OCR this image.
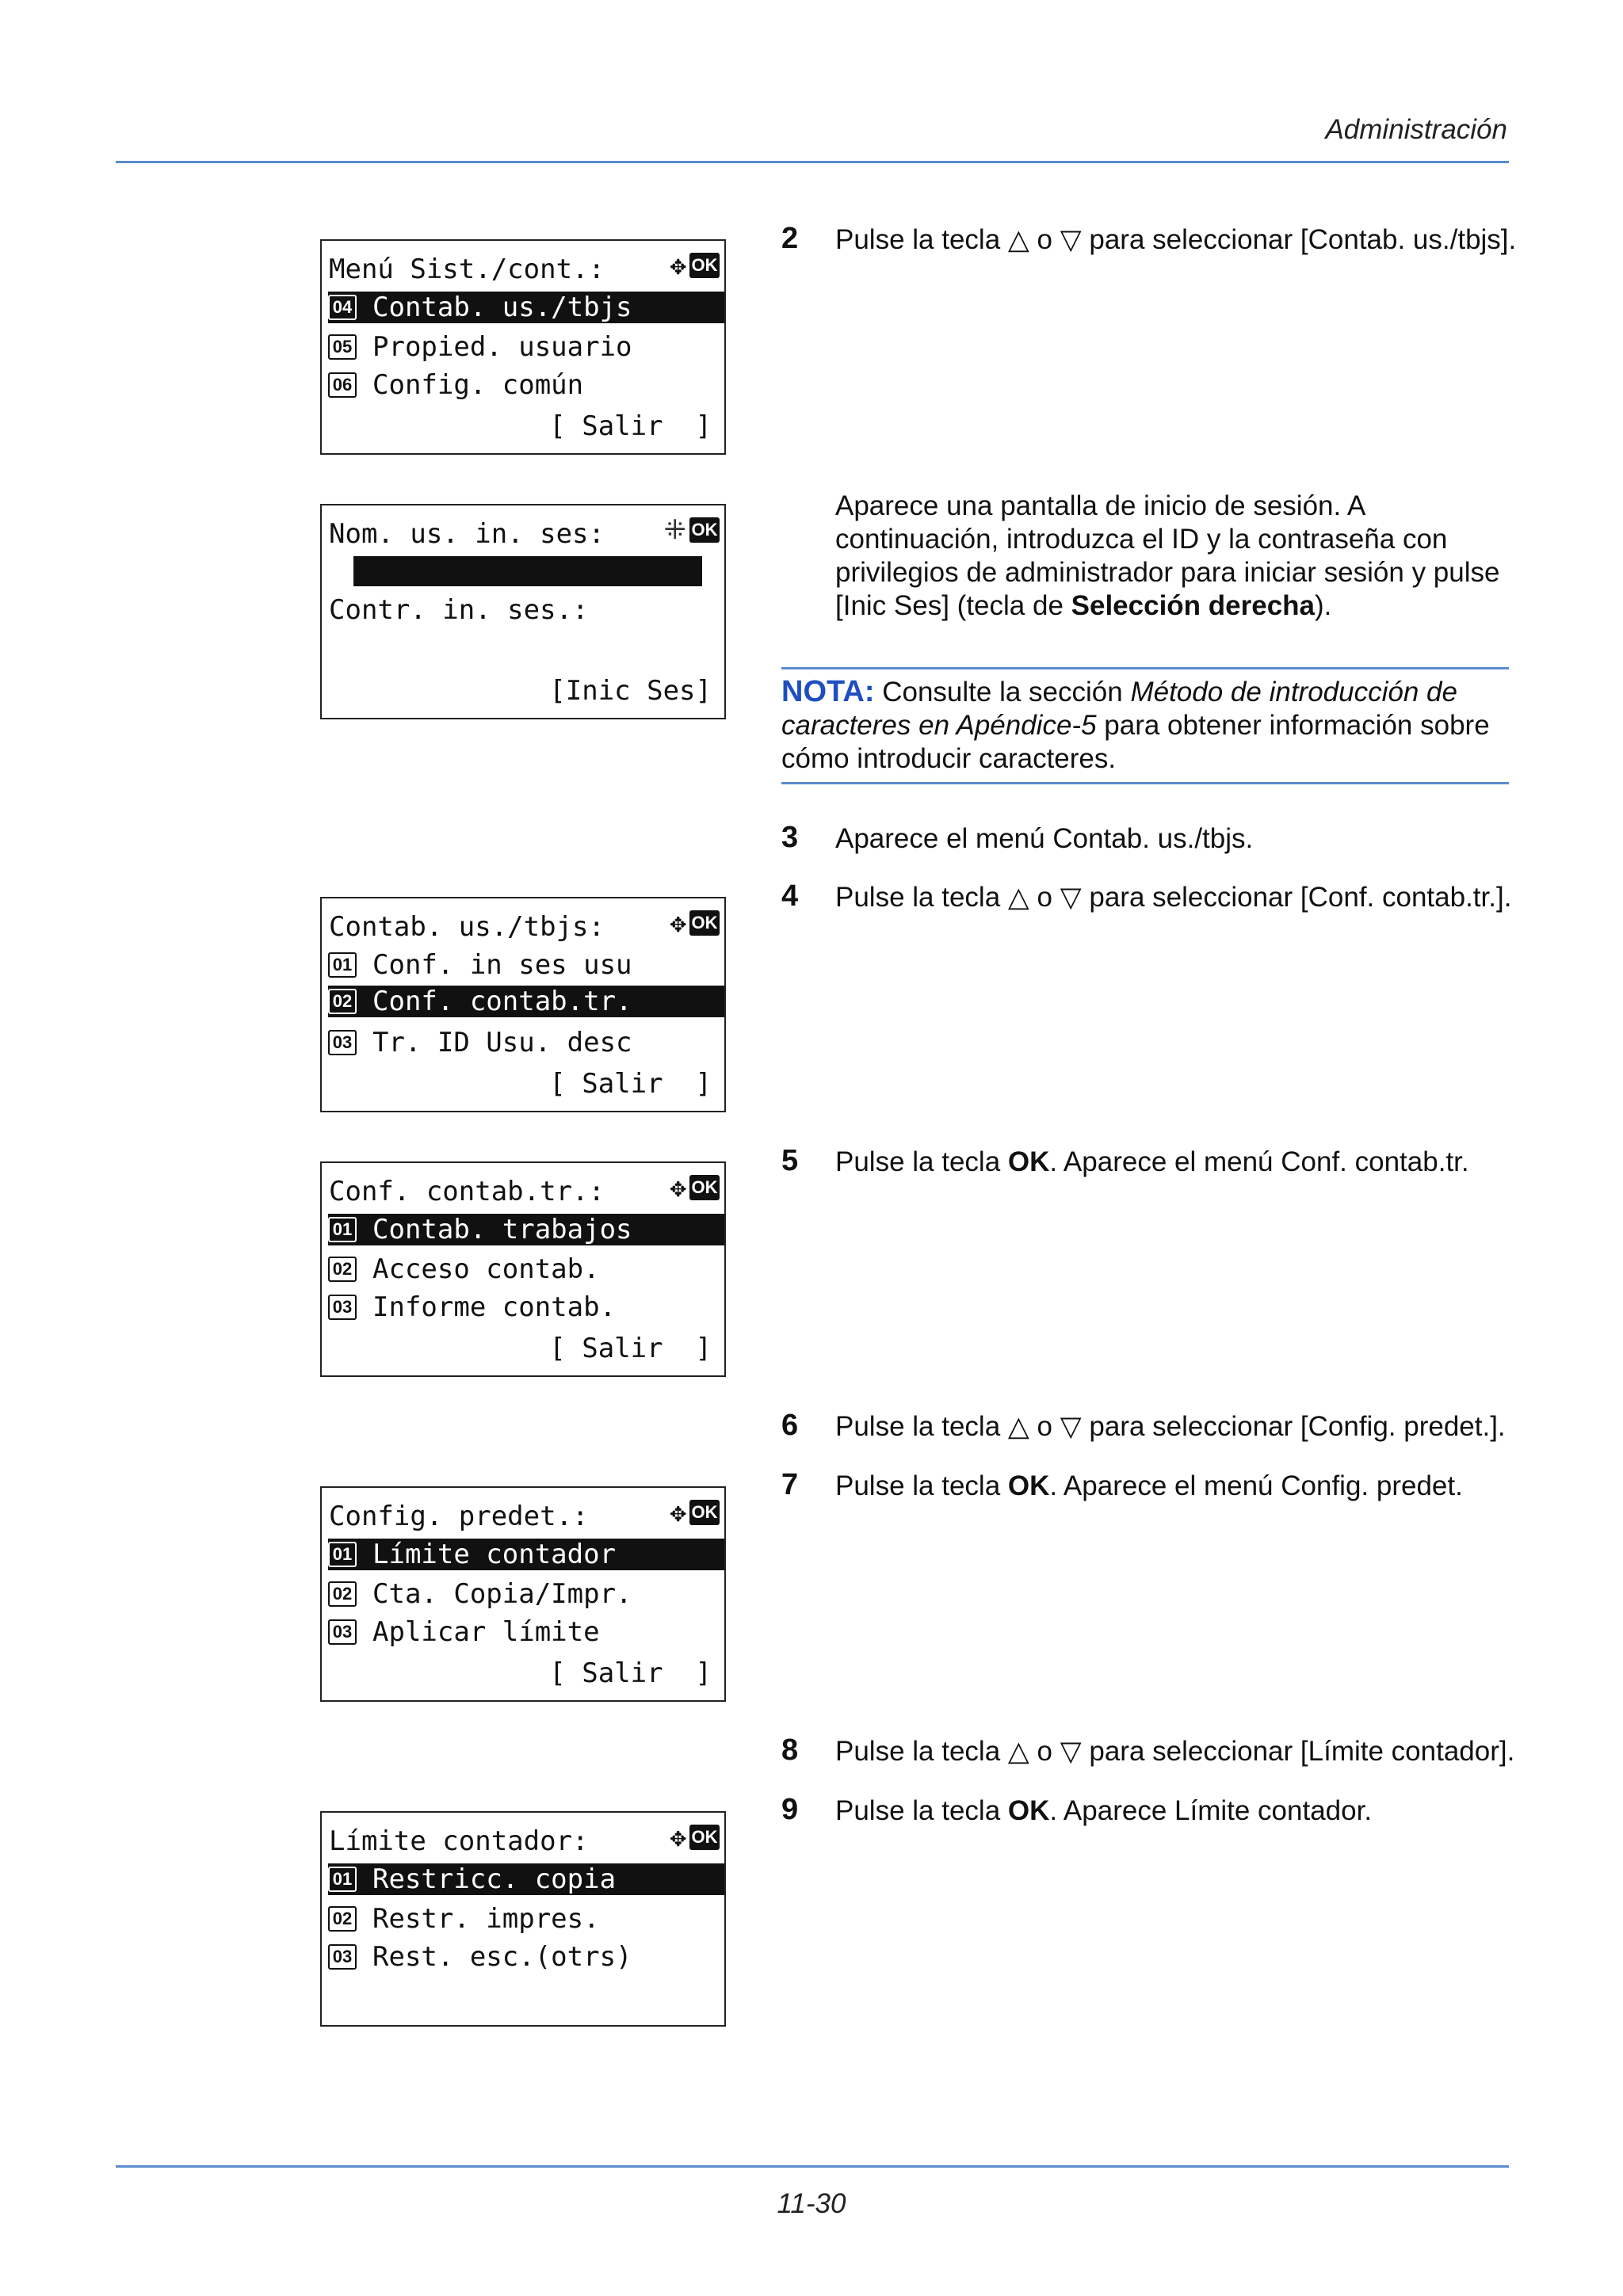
Administración
11-30
Menú Sist./cont.: ✥ OK
04 Contab. us./tbjs
05 Propied. usuario
06 Config. común
[ Salir  ]
Nom. us. in. ses: ⁜ OK
Contr. in. ses.:
[Inic Ses]
Contab. us./tbjs: ✥ OK
01 Conf. in ses usu
02 Conf. contab.tr.
03 Tr. ID Usu. desc
[ Salir  ]
Conf. contab.tr.: ✥ OK
01 Contab. trabajos
02 Acceso contab.
03 Informe contab.
[ Salir  ]
Config. predet.:	✥ OK
01 Límite contador
02 Cta. Copia/Impr.
03 Aplicar límite
[ Salir  ]
Límite contador:	✥ OK
01 Restricc. copia
02 Restr. impres.
03 Rest. esc.(otrs)
2 Pulse la tecla △ o ▽ para seleccionar [Contab. us./tbjs].
Aparece una pantalla de inicio de sesión. A continuación, introduzca el ID y la contraseña con privilegios de administrador para iniciar sesión y pulse [Inic Ses] (tecla de Selección derecha).
NOTA: Consulte la sección Método de introducción de caracteres en Apéndice-5 para obtener información sobre cómo introducir caracteres.
3 Aparece el menú Contab. us./tbjs.
4 Pulse la tecla △ o ▽ para seleccionar [Conf. contab.tr.].
5 Pulse la tecla OK. Aparece el menú Conf. contab.tr.
6 Pulse la tecla △ o ▽ para seleccionar [Config. predet.].
7 Pulse la tecla OK. Aparece el menú Config. predet.
8 Pulse la tecla △ o ▽ para seleccionar [Límite contador].
9 Pulse la tecla OK. Aparece Límite contador.
